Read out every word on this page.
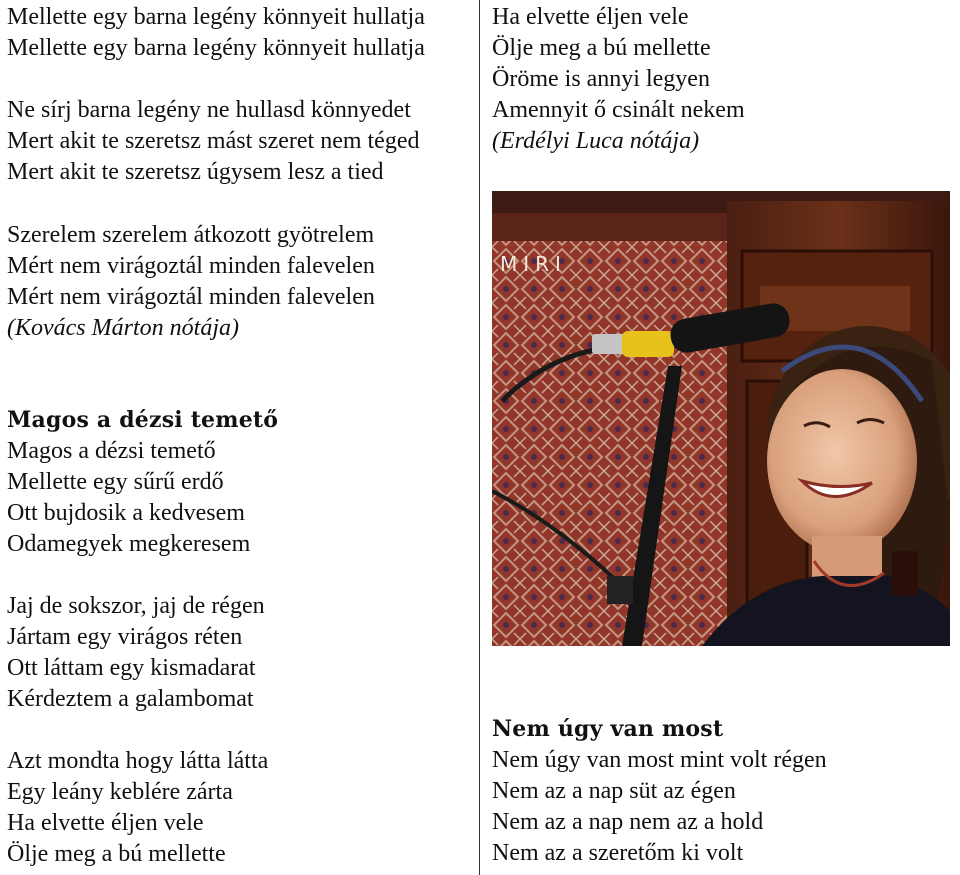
Mellette egy barna legény könnyeit hullatja
Mellette egy barna legény könnyeit hullatja
Ne sírj barna legény ne hullasd könnyedet
Mert akit te szeretsz mást szeret nem téged
Mert akit te szeretsz úgysem lesz a tied
Szerelem szerelem átkozott gyötrelem
Mért nem virágoztál minden falevelen
Mért nem virágoztál minden falevelen
(Kovács Márton nótája)
Magos a dézsi temető
Magos a dézsi temető
Mellette egy sűrű erdő
Ott bujdosik a kedvesem
Odamegyek megkeresem
Jaj de sokszor, jaj de régen
Jártam egy virágos réten
Ott láttam egy kismadarat
Kérdeztem a galambomat
Azt mondta hogy látta látta
Egy leány keblére zárta
Ha elvette éljen vele
Ölje meg a bú mellette
Ha elvette éljen vele
Ölje meg a bú mellette
Öröme is annyi legyen
Amennyit ő csinált nekem
(Erdélyi Luca nótája)
Nem úgy van most
Nem úgy van most mint volt régen
Nem az a nap süt az égen
Nem az a nap nem az a hold
Nem az a szeretőm ki volt
MIRI
